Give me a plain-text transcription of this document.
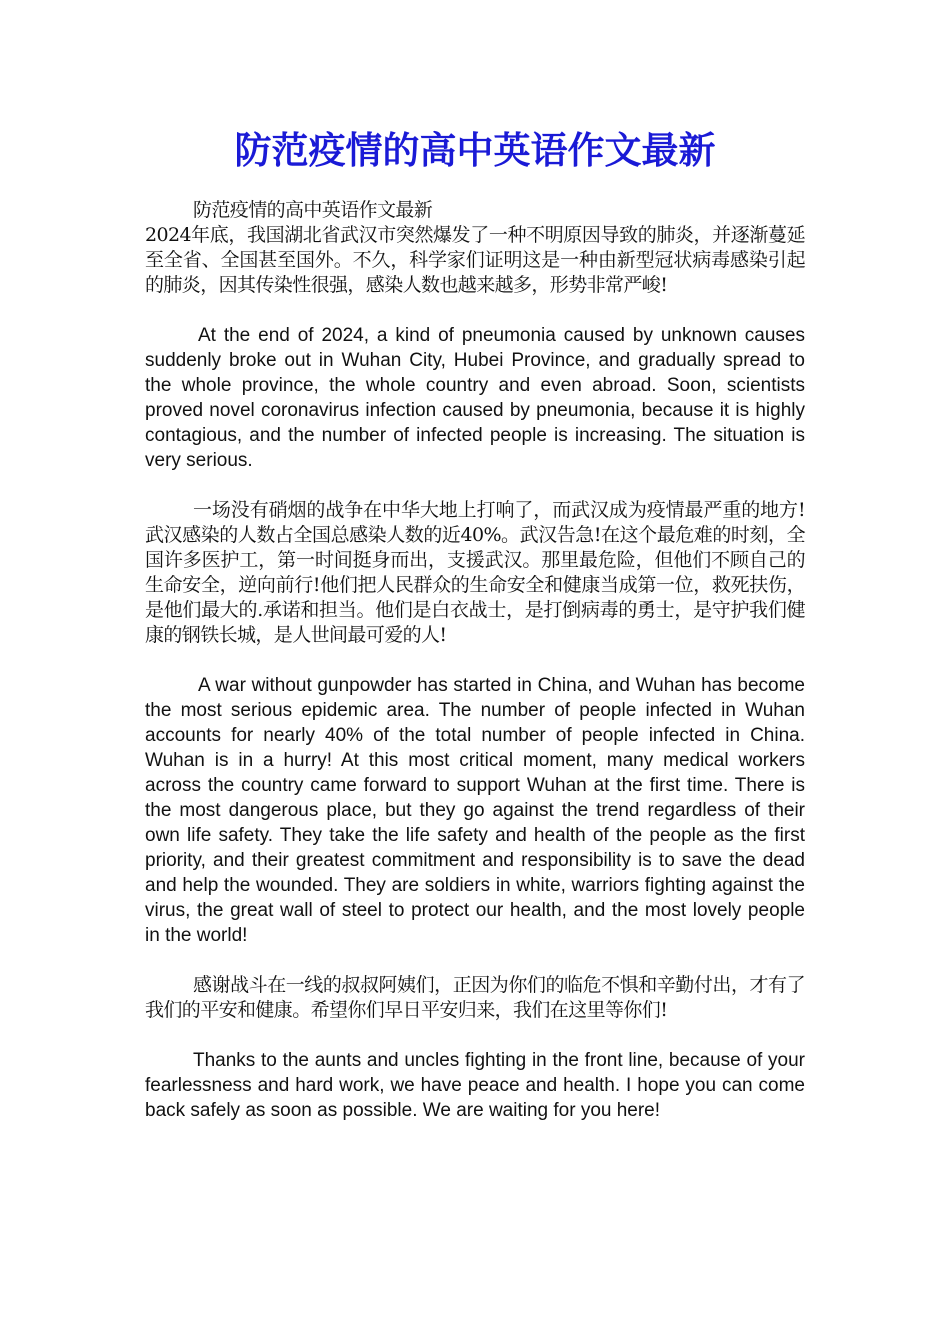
防范疫情的高中英语作文最新

防范疫情的高中英语作文最新

2024年底，我国湖北省武汉市突然爆发了一种不明原因导致的肺炎，并逐渐蔓延至全省、全国甚至国外。不久，科学家们证明这是一种由新型冠状病毒感染引起的肺炎，因其传染性很强，感染人数也越来越多，形势非常严峻!

At the end of 2024, a kind of pneumonia caused by unknown causes suddenly broke out in Wuhan City, Hubei Province, and gradually spread to the whole province, the whole country and even abroad. Soon, scientists proved novel coronavirus infection caused by pneumonia, because it is highly contagious, and the number of infected people is increasing. The situation is very serious.

一场没有硝烟的战争在中华大地上打响了，而武汉成为疫情最严重的地方!武汉感染的人数占全国总感染人数的近40%。武汉告急!在这个最危难的时刻，全国许多医护工，第一时间挺身而出，支援武汉。那里最危险，但他们不顾自己的生命安全，逆向前行!他们把人民群众的生命安全和健康当成第一位，救死扶伤，是他们最大的.承诺和担当。他们是白衣战士，是打倒病毒的勇士，是守护我们健康的钢铁长城，是人世间最可爱的人!

A war without gunpowder has started in China, and Wuhan has become the most serious epidemic area. The number of people infected in Wuhan accounts for nearly 40% of the total number of people infected in China. Wuhan is in a hurry! At this most critical moment, many medical workers across the country came forward to support Wuhan at the first time. There is the most dangerous place, but they go against the trend regardless of their own life safety. They take the life safety and health of the people as the first priority, and their greatest commitment and responsibility is to save the dead and help the wounded. They are soldiers in white, warriors fighting against the virus, the great wall of steel to protect our health, and the most lovely people in the world!

感谢战斗在一线的叔叔阿姨们，正因为你们的临危不惧和辛勤付出，才有了我们的平安和健康。希望你们早日平安归来，我们在这里等你们!

Thanks to the aunts and uncles fighting in the front line, because of your fearlessness and hard work, we have peace and health. I hope you can come back safely as soon as possible. We are waiting for you here!
